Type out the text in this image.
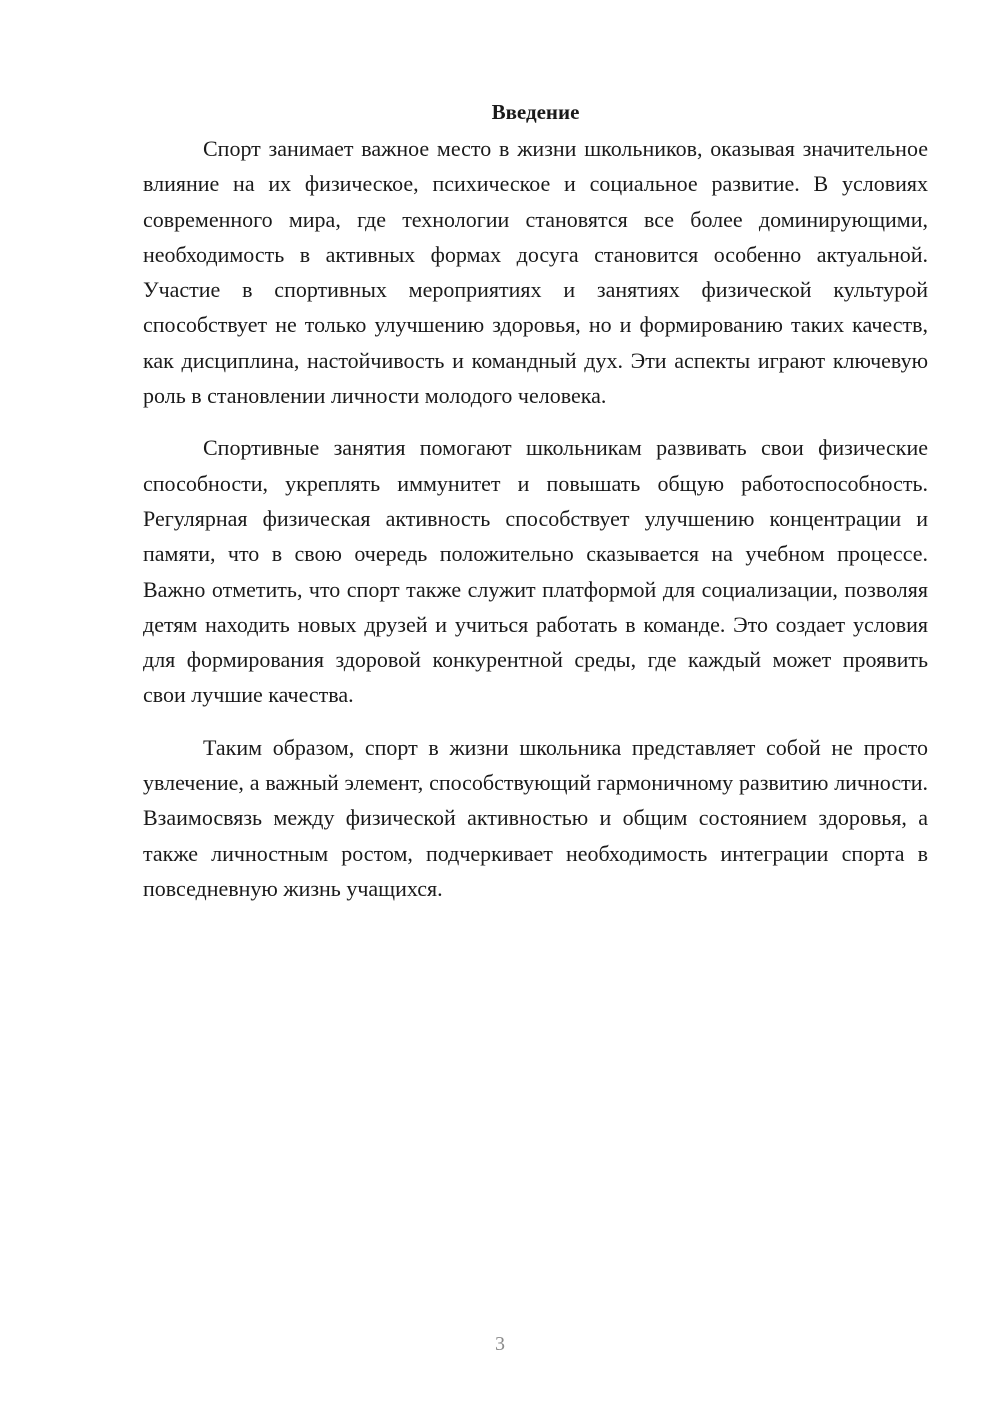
Введение

Спорт занимает важное место в жизни школьников, оказывая значительное влияние на их физическое, психическое и социальное развитие. В условиях современного мира, где технологии становятся все более доминирующими, необходимость в активных формах досуга становится особенно актуальной. Участие в спортивных мероприятиях и занятиях физической культурой способствует не только улучшению здоровья, но и формированию таких качеств, как дисциплина, настойчивость и командный дух. Эти аспекты играют ключевую роль в становлении личности молодого человека.

Спортивные занятия помогают школьникам развивать свои физические способности, укреплять иммунитет и повышать общую работоспособность. Регулярная физическая активность способствует улучшению концентрации и памяти, что в свою очередь положительно сказывается на учебном процессе. Важно отметить, что спорт также служит платформой для социализации, позволяя детям находить новых друзей и учиться работать в команде. Это создает условия для формирования здоровой конкурентной среды, где каждый может проявить свои лучшие качества.

Таким образом, спорт в жизни школьника представляет собой не просто увлечение, а важный элемент, способствующий гармоничному развитию личности. Взаимосвязь между физической активностью и общим состоянием здоровья, а также личностным ростом, подчеркивает необходимость интеграции спорта в повседневную жизнь учащихся.

3
